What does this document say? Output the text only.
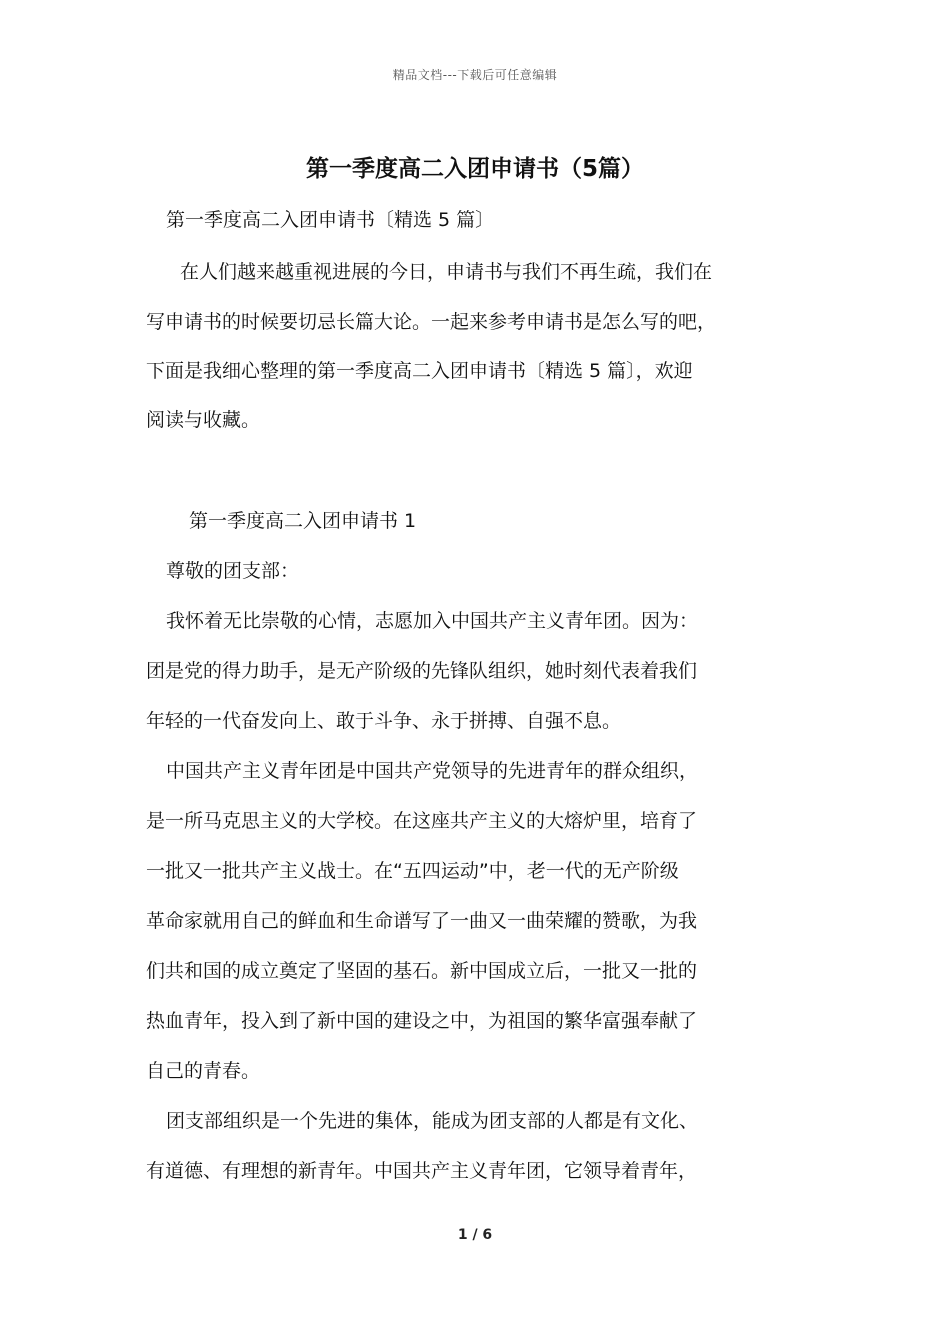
精品文档---下载后可任意编辑
第一季度高二入团申请书（5篇）
第一季度高二入团申请书〔精选 5 篇〕
在人们越来越重视进展的今日，申请书与我们不再生疏，我们在
写申请书的时候要切忌长篇大论。一起来参考申请书是怎么写的吧，
下面是我细心整理的第一季度高二入团申请书〔精选 5 篇〕，欢迎
阅读与收藏。
第一季度高二入团申请书 1
尊敬的团支部：
我怀着无比崇敬的心情，志愿加入中国共产主义青年团。因为：
团是党的得力助手，是无产阶级的先锋队组织，她时刻代表着我们
年轻的一代奋发向上、敢于斗争、永于拼搏、自强不息。
中国共产主义青年团是中国共产党领导的先进青年的群众组织，
是一所马克思主义的大学校。在这座共产主义的大熔炉里，培育了
一批又一批共产主义战士。在“五四运动”中，老一代的无产阶级
革命家就用自己的鲜血和生命谱写了一曲又一曲荣耀的赞歌，为我
们共和国的成立奠定了坚固的基石。新中国成立后，一批又一批的
热血青年，投入到了新中国的建设之中，为祖国的繁华富强奉献了
自己的青春。
团支部组织是一个先进的集体，能成为团支部的人都是有文化、
有道德、有理想的新青年。中国共产主义青年团，它领导着青年，
1 / 6
